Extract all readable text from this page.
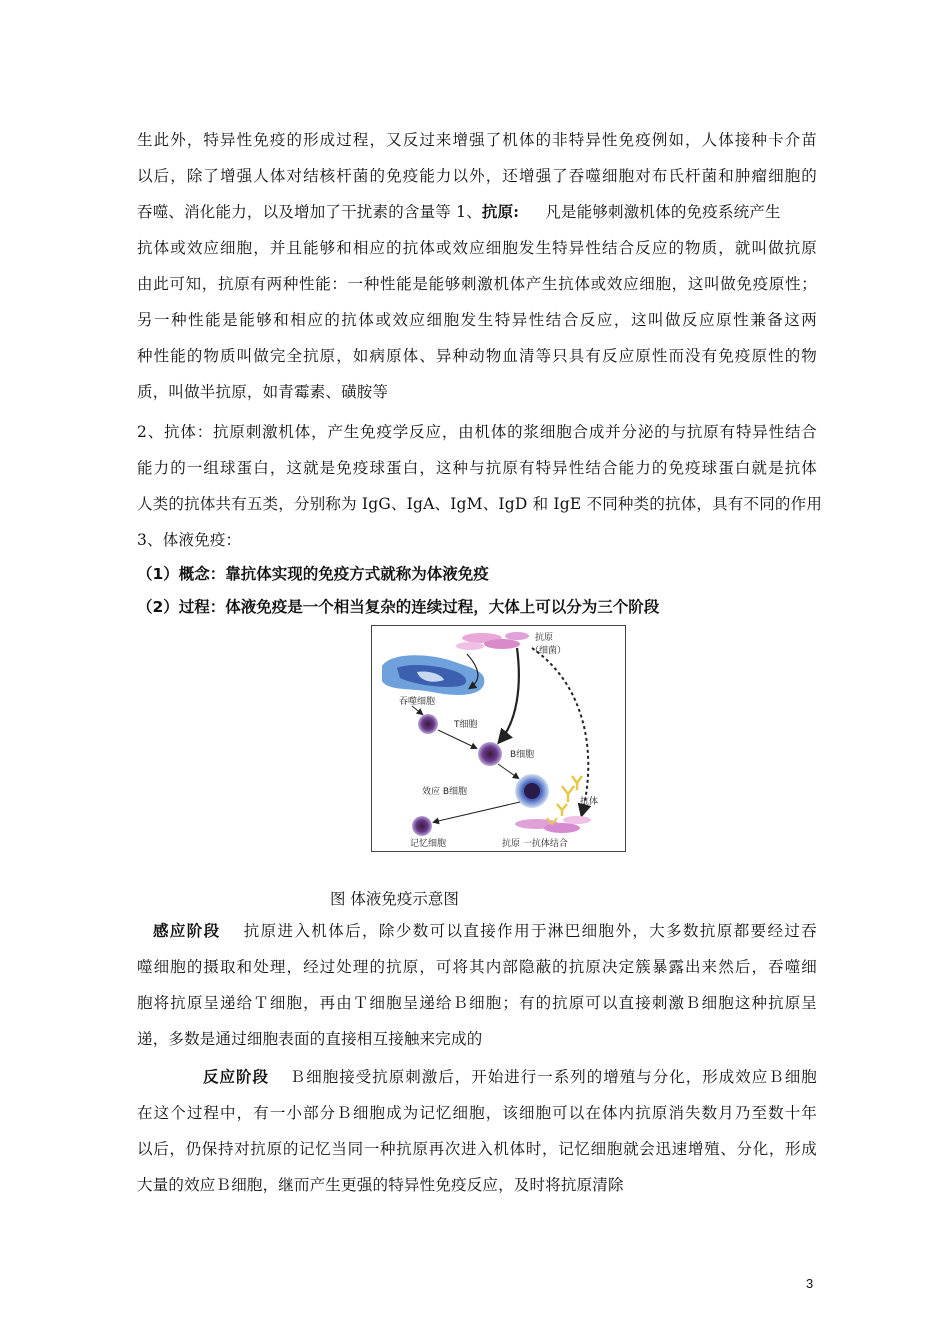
生此外，特异性免疫的形成过程，又反过来增强了机体的非特异性免疫例如，人体接种卡介苗
以后，除了增强人体对结核杆菌的免疫能力以外，还增强了吞噬细胞对布氏杆菌和肿瘤细胞的
吞噬、消化能力，以及增加了干扰素的含量等 1、抗原: 凡是能够刺激机体的免疫系统产生
抗体或效应细胞，并且能够和相应的抗体或效应细胞发生特异性结合反应的物质，就叫做抗原
由此可知，抗原有两种性能：一种性能是能够刺激机体产生抗体或效应细胞，这叫做免疫原性；
另一种性能是能够和相应的抗体或效应细胞发生特异性结合反应，这叫做反应原性兼备这两
种性能的物质叫做完全抗原，如病原体、异种动物血清等只具有反应原性而没有免疫原性的物
质，叫做半抗原，如青霉素、磺胺等
2、抗体：抗原刺激机体，产生免疫学反应，由机体的浆细胞合成并分泌的与抗原有特异性结合
能力的一组球蛋白，这就是免疫球蛋白，这种与抗原有特异性结合能力的免疫球蛋白就是抗体
人类的抗体共有五类，分别称为 IgG、IgA、IgM、IgD 和 IgE 不同种类的抗体，具有不同的作用
3、体液免疫：
（1）概念：靠抗体实现的免疫方式就称为体液免疫
（2）过程：体液免疫是一个相当复杂的连续过程，大体上可以分为三个阶段
抗原
（细菌）
吞噬细胞
T细胞
B细胞
效应 B细胞
抗体
抗原 一抗体结合
记忆细胞
图 体液免疫示意图
感应阶段 抗原进入机体后，除少数可以直接作用于淋巴细胞外，大多数抗原都要经过吞
噬细胞的摄取和处理，经过处理的抗原，可将其内部隐蔽的抗原决定簇暴露出来然后，吞噬细
胞将抗原呈递给Ｔ细胞，再由Ｔ细胞呈递给Ｂ细胞；有的抗原可以直接刺激Ｂ细胞这种抗原呈
递，多数是通过细胞表面的直接相互接触来完成的
反应阶段 Ｂ细胞接受抗原刺激后，开始进行一系列的增殖与分化，形成效应Ｂ细胞
在这个过程中，有一小部分Ｂ细胞成为记忆细胞，该细胞可以在体内抗原消失数月乃至数十年
以后，仍保持对抗原的记忆当同一种抗原再次进入机体时，记忆细胞就会迅速增殖、分化，形成
大量的效应Ｂ细胞，继而产生更强的特异性免疫反应，及时将抗原清除
3
